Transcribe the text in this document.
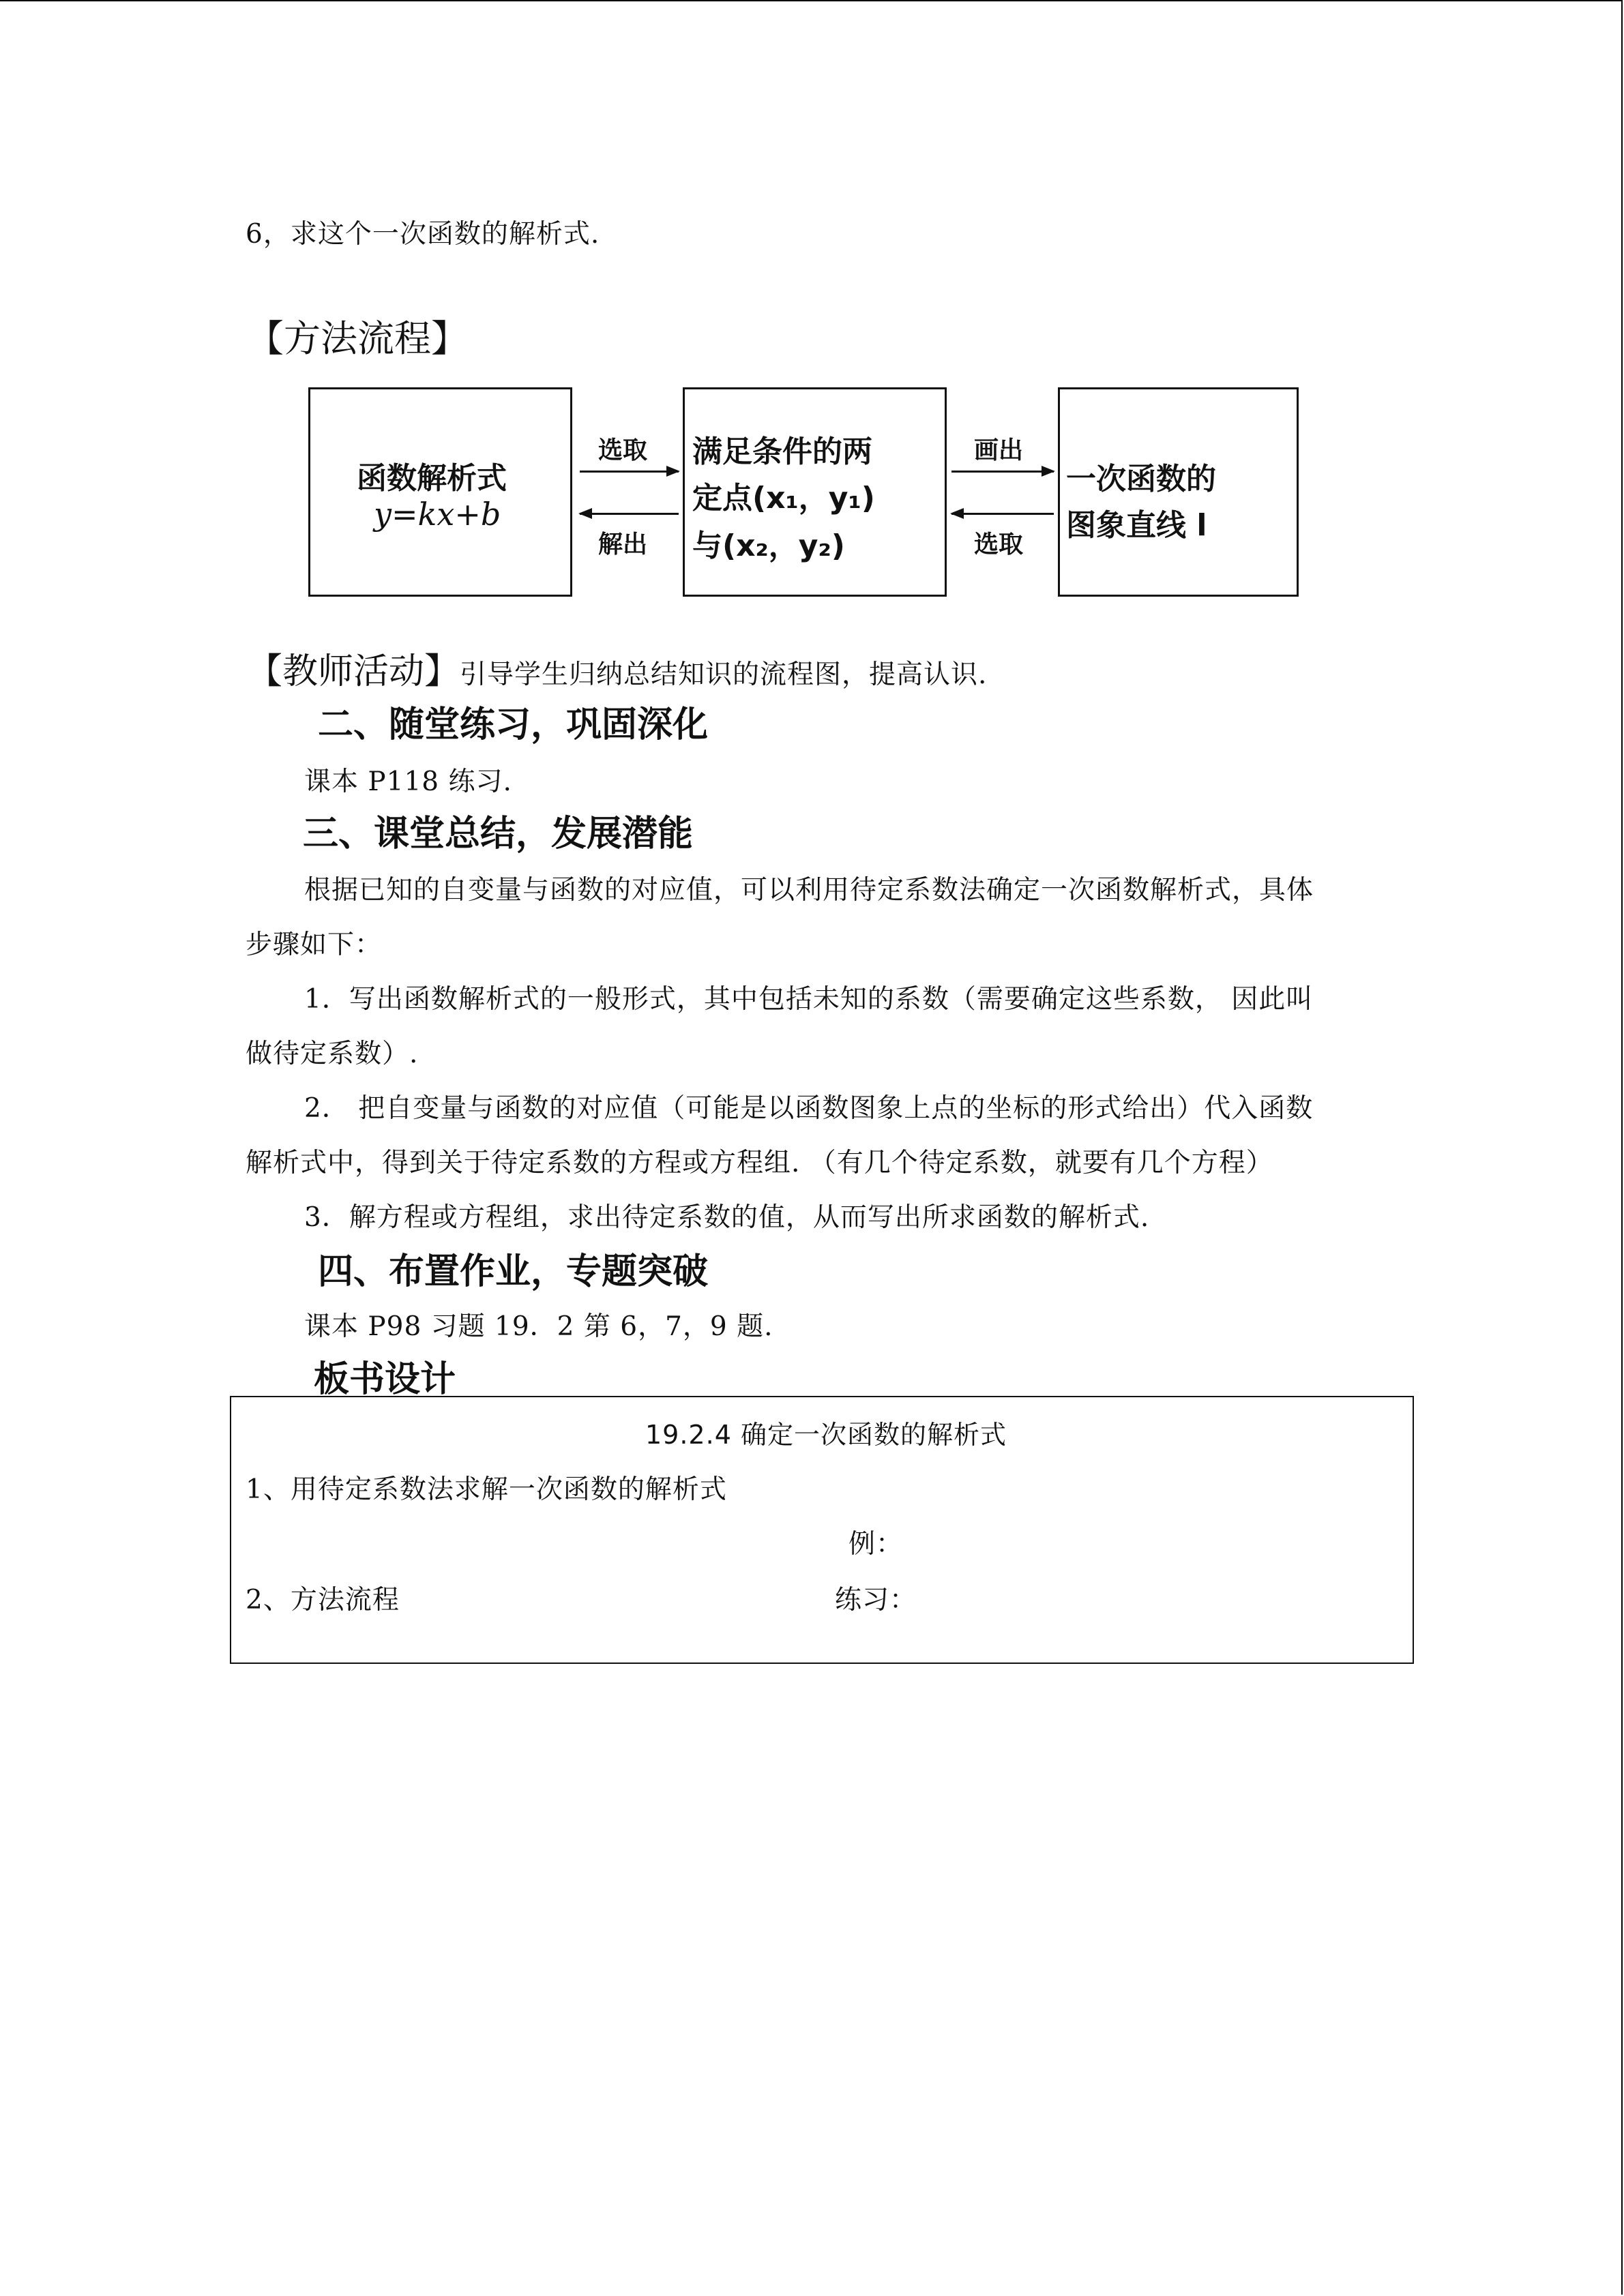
6，求这个一次函数的解析式.
【方法流程】
函数解析式
y=kx+b
满足条件的两
定点(x₁，y₁)
与(x₂，y₂)
一次函数的
图象直线 l
选取
解出
画出
选取
【教师活动】引导学生归纳总结知识的流程图，提高认识.
二、随堂练习，巩固深化
课本 P118 练习.
三、课堂总结，发展潜能
根据已知的自变量与函数的对应值，可以利用待定系数法确定一次函数解析式，具体
步骤如下：
1．写出函数解析式的一般形式，其中包括未知的系数（需要确定这些系数， 因此叫
做待定系数）.
2． 把自变量与函数的对应值（可能是以函数图象上点的坐标的形式给出）代入函数
解析式中，得到关于待定系数的方程或方程组. （有几个待定系数，就要有几个方程）
3．解方程或方程组，求出待定系数的值，从而写出所求函数的解析式.
四、布置作业，专题突破
课本 P98 习题 19．2 第 6，7，9 题.
板书设计
19.2.4 确定一次函数的解析式
1、用待定系数法求解一次函数的解析式
例：
2、方法流程	练习：
